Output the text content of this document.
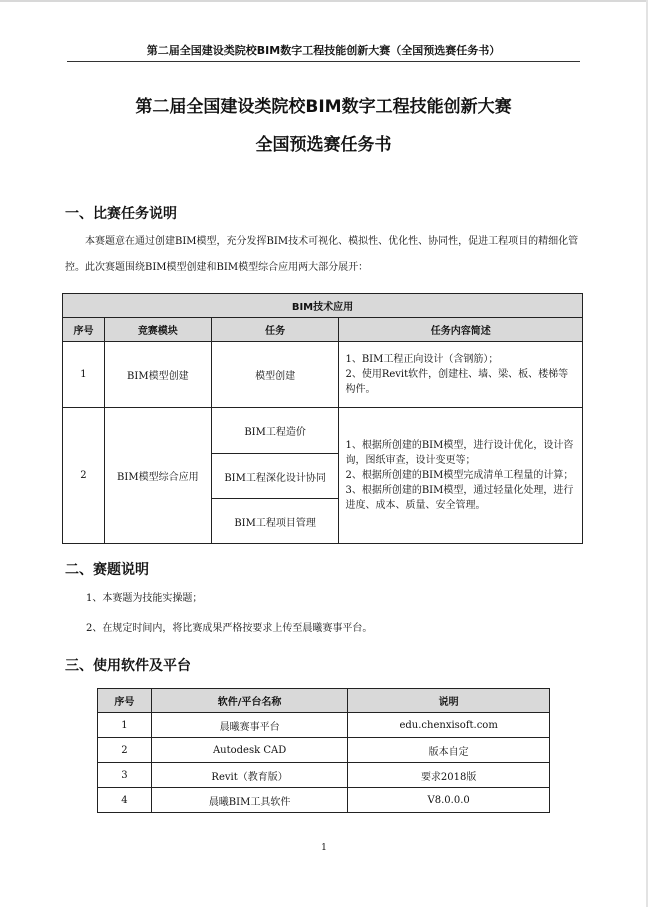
第二届全国建设类院校BIM数字工程技能创新大赛（全国预选赛任务书）
第二届全国建设类院校BIM数字工程技能创新大赛
全国预选赛任务书
一、比赛任务说明
本赛题意在通过创建BIM模型，充分发挥BIM技术可视化、模拟性、优化性、协同性，促进工程项目的精细化管控。此次赛题围绕BIM模型创建和BIM模型综合应用两大部分展开：
BIM技术应用			
序号	竞赛模块	任务	任务内容简述
1	BIM模型创建	模型创建	1、BIM工程正向设计（含钢筋）；
2、使用Revit软件，创建柱、墙、梁、板、楼梯等构件。

2	BIM模型综合应用	BIM工程造价	1、根据所创建的BIM模型，进行设计优化，设计咨询，图纸审查，设计变更等；
2、根据所创建的BIM模型完成清单工程量的计算；
3、根据所创建的BIM模型，通过轻量化处理，进行进度、成本、质量、安全管理。

		BIM工程深化设计协同	
		BIM工程项目管理	
二、赛题说明
1、本赛题为技能实操题；
2、在规定时间内，将比赛成果严格按要求上传至晨曦赛事平台。
三、使用软件及平台
序号	软件/平台名称	说明
1	晨曦赛事平台	edu.chenxisoft.com
2	Autodesk CAD	版本自定
3	Revit（教育版）	要求2018版
4	晨曦BIM工具软件	V8.0.0.0
1
